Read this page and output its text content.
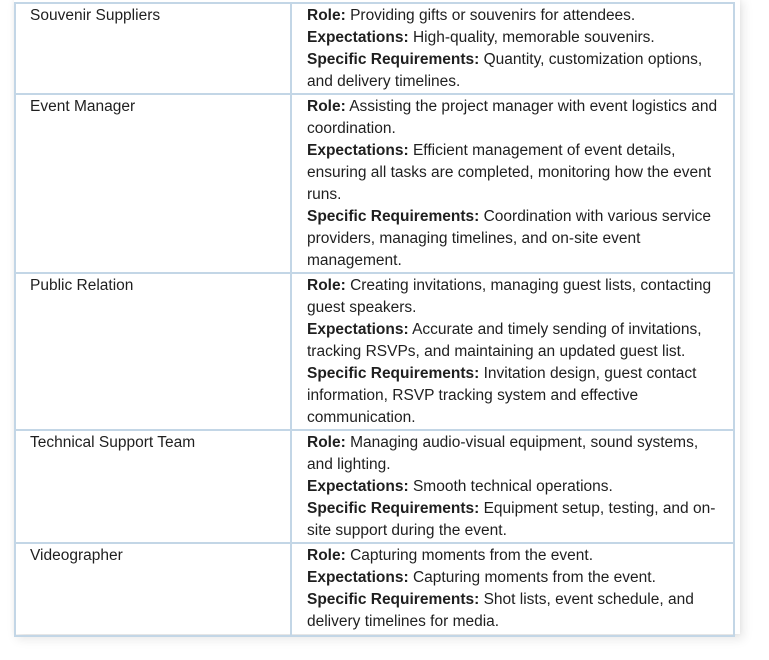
Souvenir Suppliers	Role: Providing gifts or souvenirs for attendees.

Expectations: High-quality, memorable souvenirs.

Specific Requirements: Quantity, customization options, and delivery timelines.

Event Manager	Role: Assisting the project manager with event logistics and coordination.

Expectations: Efficient management of event details, ensuring all tasks are completed, monitoring how the event runs.

Specific Requirements: Coordination with various service providers, managing timelines, and on-site event management.

Public Relation	Role: Creating invitations, managing guest lists, contacting guest speakers.

Expectations: Accurate and timely sending of invitations, tracking RSVPs, and maintaining an updated guest list.

Specific Requirements: Invitation design, guest contact information, RSVP tracking system and effective communication.

Technical Support Team	Role: Managing audio-visual equipment, sound systems, and lighting.

Expectations: Smooth technical operations.

Specific Requirements: Equipment setup, testing, and on-site support during the event.

Videographer	Role: Capturing moments from the event.

Expectations: Capturing moments from the event.

Specific Requirements: Shot lists, event schedule, and delivery timelines for media.
